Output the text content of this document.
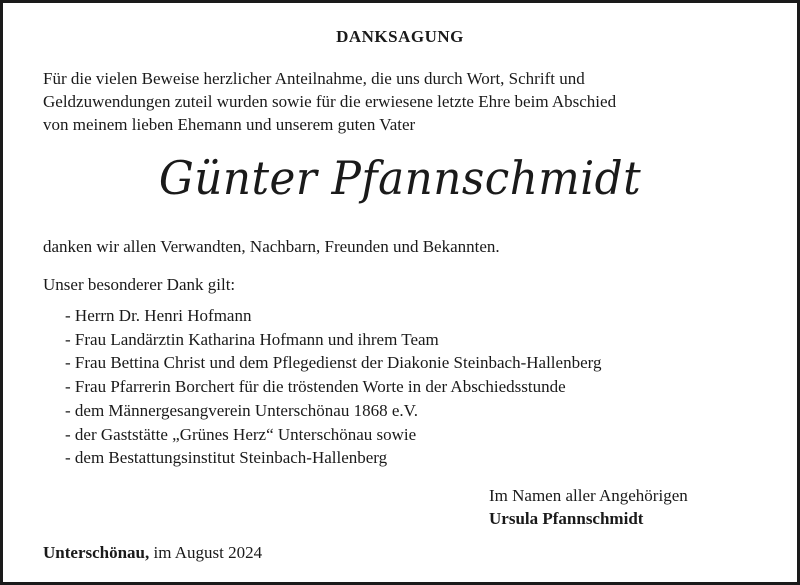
DANKSAGUNG
Für die vielen Beweise herzlicher Anteilnahme, die uns durch Wort, Schrift und
Geldzuwendungen zuteil wurden sowie für die erwiesene letzte Ehre beim Abschied
von meinem lieben Ehemann und unserem guten Vater
Günter Pfannschmidt
danken wir allen Verwandten, Nachbarn, Freunden und Bekannten.
Unser besonderer Dank gilt:
- Herrn Dr. Henri Hofmann
- Frau Landärztin Katharina Hofmann und ihrem Team
- Frau Bettina Christ und dem Pflegedienst der Diakonie Steinbach-Hallenberg
- Frau Pfarrerin Borchert für die tröstenden Worte in der Abschiedsstunde
- dem Männergesangverein Unterschönau 1868 e.V.
- der Gaststätte „Grünes Herz“ Unterschönau sowie
- dem Bestattungsinstitut Steinbach-Hallenberg
Im Namen aller Angehörigen
Ursula Pfannschmidt
Unterschönau, im August 2024
